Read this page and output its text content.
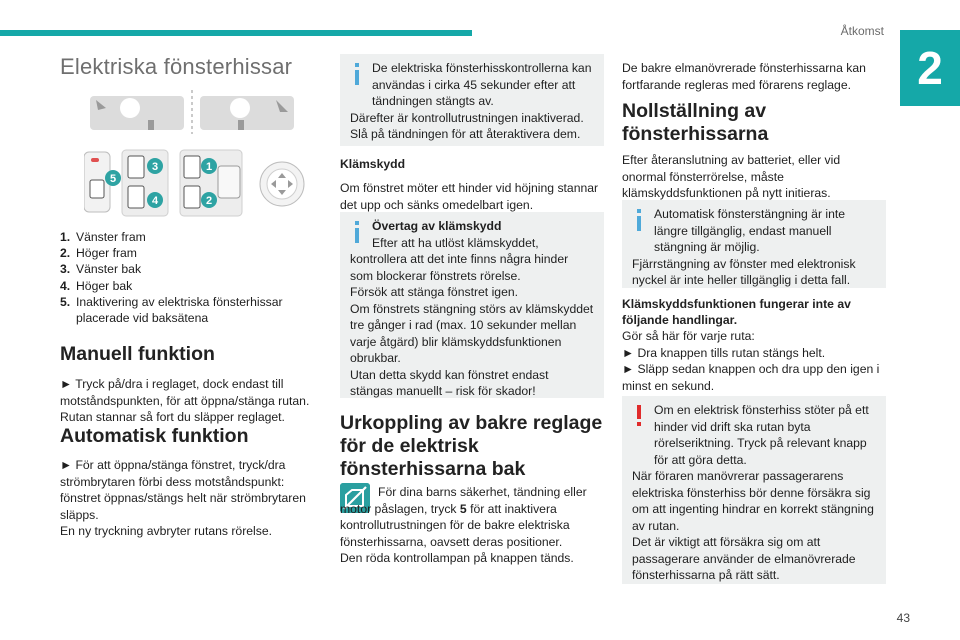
Åtkomst
2
Elektriska fönsterhissar
5
3	1
4	2
1. Vänster fram
2. Höger fram
3. Vänster bak
4. Höger bak
5. Inaktivering av elektriska fönsterhissar placerade vid baksätena
Manuell funktion

► Tryck på/dra i reglaget, dock endast till motståndspunkten, för att öppna/stänga rutan. Rutan stannar så fort du släpper reglaget.

Automatisk funktion

► För att öppna/stänga fönstret, tryck/dra strömbrytaren förbi dess motståndspunkt: fönstret öppnas/stängs helt när strömbrytaren släpps.

En ny tryckning avbryter rutans rörelse.

De elektriska fönsterhisskontrollerna kan användas i cirka 45 sekunder efter att tändningen stängts av.

Därefter är kontrollutrustningen inaktiverad. Slå på tändningen för att återaktivera dem.

Klämskydd

Om fönstret möter ett hinder vid höjning stannar det upp och sänks omedelbart igen.

Övertag av klämskydd

Efter att ha utlöst klämskyddet, kontrollera att det inte finns några hinder som blockerar fönstrets rörelse.

Försök att stänga fönstret igen.

Om fönstrets stängning störs av klämskyddet tre gånger i rad (max. 10 sekunder mellan varje åtgärd) blir klämskyddsfunktionen obrukbar.

Utan detta skydd kan fönstret endast stängas manuellt – risk för skador!

Urkoppling av bakre reglage för de elektrisk fönsterhissarna bak

För dina barns säkerhet, tändning eller motor påslagen, tryck 5 för att inaktivera kontrollutrustningen för de bakre elektriska fönsterhissarna, oavsett deras positioner.

Den röda kontrollampan på knappen tänds.

De bakre elmanövrerade fönsterhissarna kan fortfarande regleras med förarens reglage.

Nollställning av fönsterhissarna

Efter återanslutning av batteriet, eller vid onormal fönsterrörelse, måste klämskyddsfunktionen på nytt initieras.

Automatisk fönsterstängning är inte längre tillgänglig, endast manuell stängning är möjlig.

Fjärrstängning av fönster med elektronisk nyckel är inte heller tillgänglig i detta fall.

Klämskyddsfunktionen fungerar inte av följande handlingar.

Gör så här för varje ruta:

► Dra knappen tills rutan stängs helt.

► Släpp sedan knappen och dra upp den igen i minst en sekund.

Om en elektrisk fönsterhiss stöter på ett hinder vid drift ska rutan byta rörelseriktning. Tryck på relevant knapp för att göra detta.

När föraren manövrerar passagerarens elektriska fönsterhiss bör denne försäkra sig om att ingenting hindrar en korrekt stängning av rutan.

Det är viktigt att försäkra sig om att passagerare använder de elmanövrerade fönsterhissarna på rätt sätt.

43
